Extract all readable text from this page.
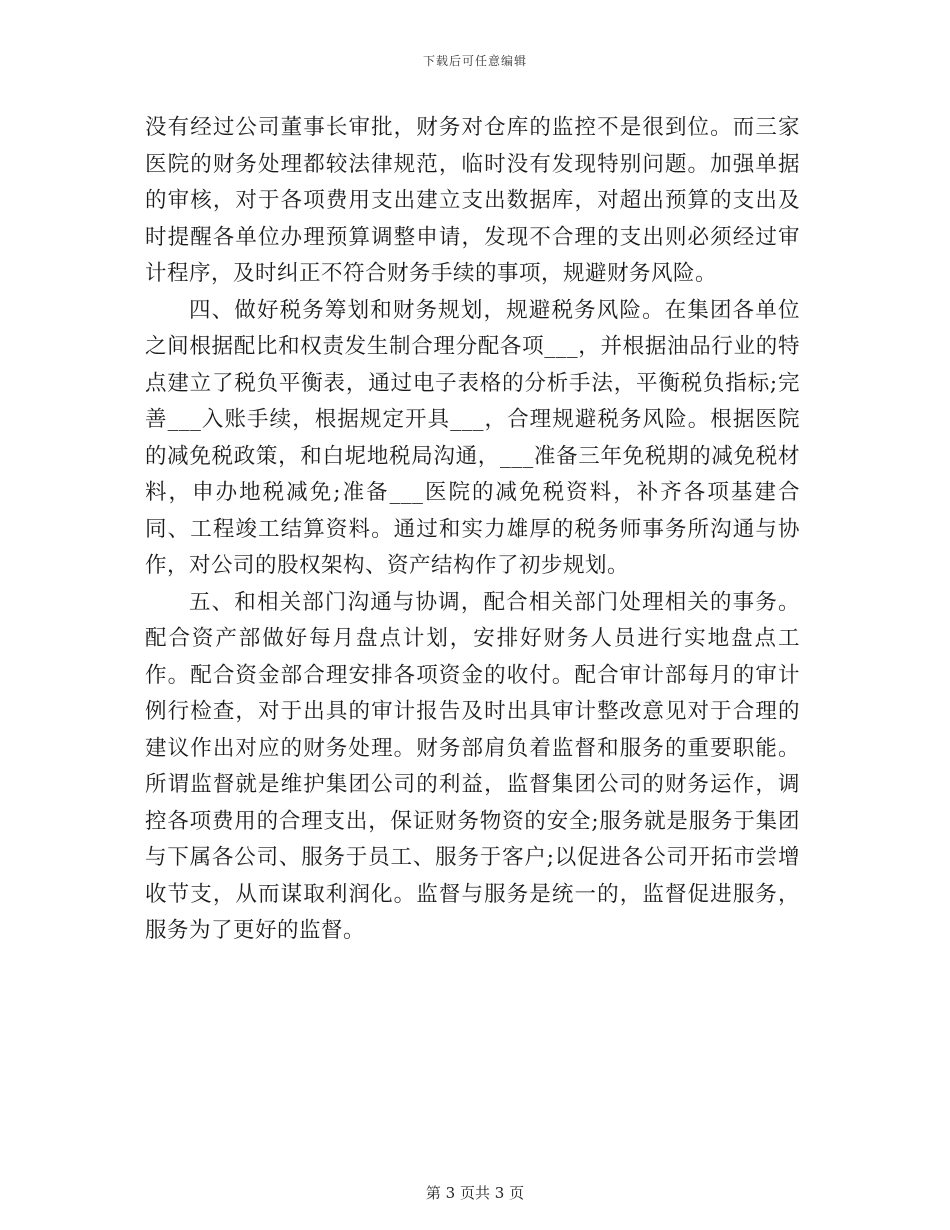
下载后可任意编辑

没有经过公司董事长审批，财务对仓库的监控不是很到位。而三家医院的财务处理都较法律规范，临时没有发现特别问题。加强单据的审核，对于各项费用支出建立支出数据库，对超出预算的支出及时提醒各单位办理预算调整申请，发现不合理的支出则必须经过审计程序，及时纠正不符合财务手续的事项，规避财务风险。

四、做好税务筹划和财务规划，规避税务风险。在集团各单位之间根据配比和权责发生制合理分配各项___，并根据油品行业的特点建立了税负平衡表，通过电子表格的分析手法，平衡税负指标;完善___入账手续，根据规定开具___，合理规避税务风险。根据医院的减免税政策，和白坭地税局沟通，___准备三年免税期的减免税材料，申办地税减免;准备___医院的减免税资料，补齐各项基建合同、工程竣工结算资料。通过和实力雄厚的税务师事务所沟通与协作，对公司的股权架构、资产结构作了初步规划。

五、和相关部门沟通与协调，配合相关部门处理相关的事务。配合资产部做好每月盘点计划，安排好财务人员进行实地盘点工作。配合资金部合理安排各项资金的收付。配合审计部每月的审计例行检查，对于出具的审计报告及时出具审计整改意见对于合理的建议作出对应的财务处理。财务部肩负着监督和服务的重要职能。所谓监督就是维护集团公司的利益，监督集团公司的财务运作，调控各项费用的合理支出，保证财务物资的安全;服务就是服务于集团与下属各公司、服务于员工、服务于客户;以促进各公司开拓市尝增收节支，从而谋取利润化。监督与服务是统一的，监督促进服务，服务为了更好的监督。

第 3 页共 3 页
